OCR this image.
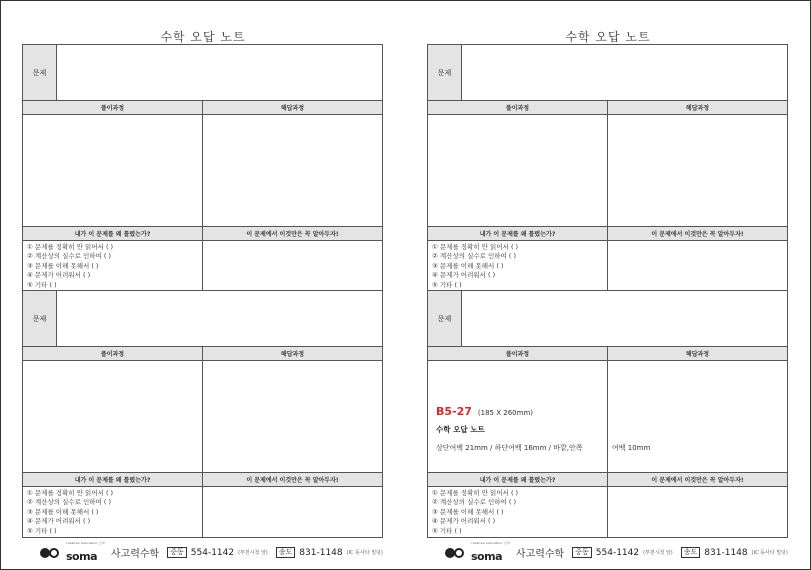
수학 오답 노트
문제
풀이과정	해답과정
내가 이 문제를 왜 틀렸는가?	이 문제에서 이것만은 꼭 알아두자!
① 문제를 정확히 안 읽어서 ( )
② 계산상의 실수로 인하여 ( )
③ 문제를 이해 못해서 ( )
④ 문제가 어려워서 ( )
⑤ 기타 ( )
문제
풀이과정	해답과정
내가 이 문제를 왜 틀렸는가?	이 문제에서 이것만은 꼭 알아두자!
① 문제를 정확히 안 읽어서 ( )
② 계산상의 실수로 인하여 ( )
③ 문제를 이해 못해서 ( )
④ 문제가 어려워서 ( )
⑤ 기타 ( )
creative education 소마
soma	사고력수학	중동 554-1142 (부천시청 앞)	송도 831-1148 (IC 동사타 빌딩)
수학 오답 노트
문제
풀이과정	해답과정
내가 이 문제를 왜 틀렸는가?	이 문제에서 이것만은 꼭 알아두자!
① 문제를 정확히 안 읽어서 ( )
② 계산상의 실수로 인하여 ( )
③ 문제를 이해 못해서 ( )
④ 문제가 어려워서 ( )
⑤ 기타 ( )
문제
풀이과정	해답과정
B5-27 (185 X 260mm)
수학 오답 노트
상단여백 21mm / 하단여백 16mm / 바깥,안쪽	여백 10mm
내가 이 문제를 왜 틀렸는가?	이 문제에서 이것만은 꼭 알아두자!
① 문제를 정확히 안 읽어서 ( )
② 계산상의 실수로 인하여 ( )
③ 문제를 이해 못해서 ( )
④ 문제가 어려워서 ( )
⑤ 기타 ( )
creative education 소마
soma	사고력수학	중동 554-1142 (부천시청 앞)	송도 831-1148 (IC 동사타 빌딩)
